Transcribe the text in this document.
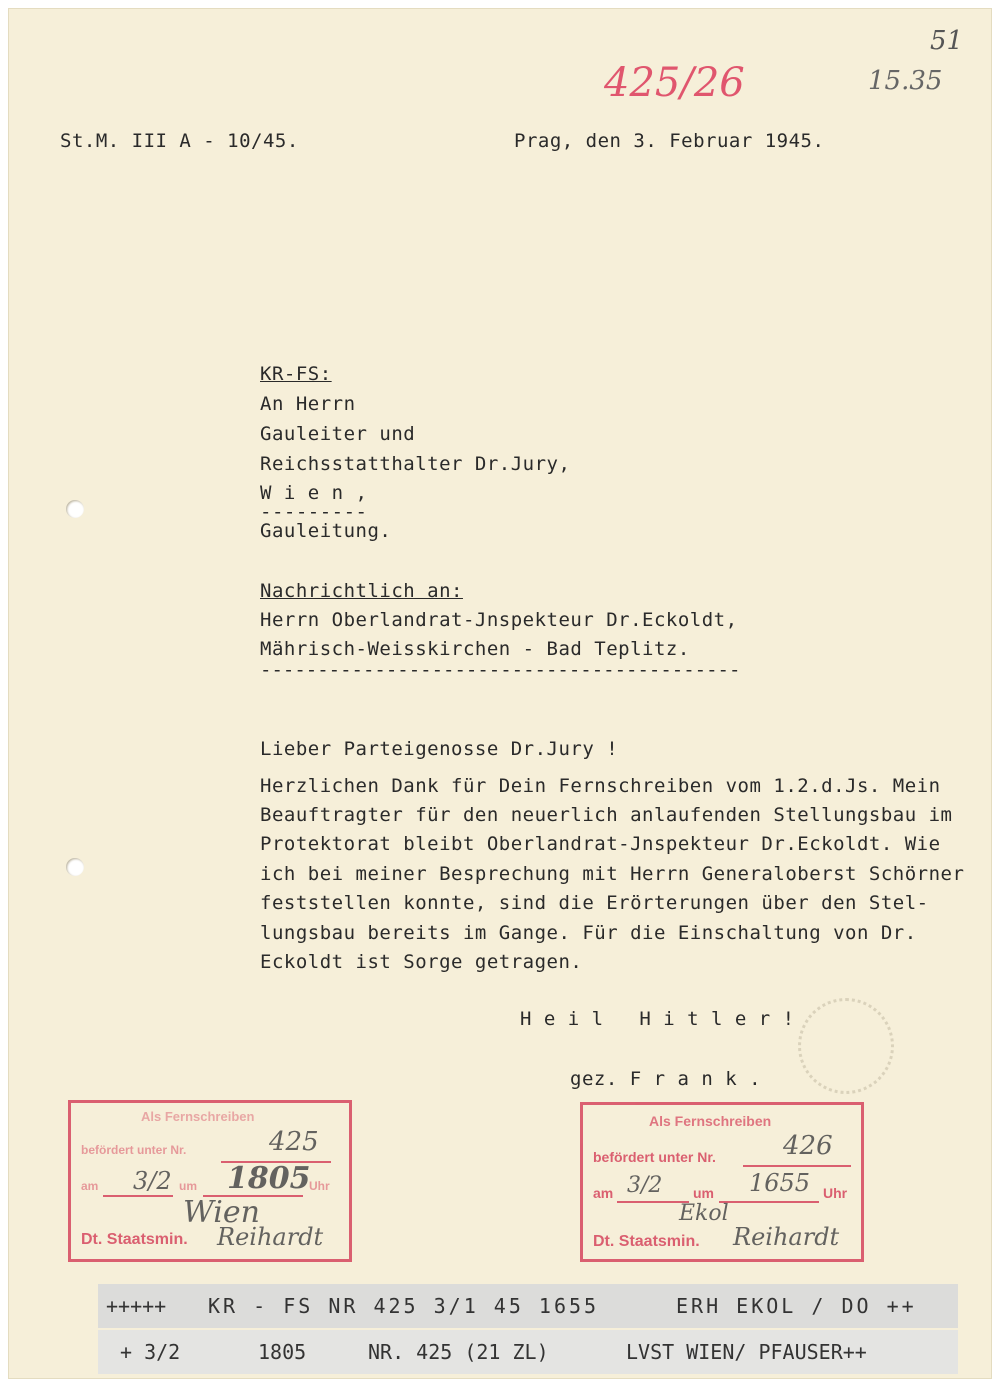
425/26
51
15.35
St.M. III A - 10/45.	Prag, den 3. Februar 1945.
KR-FS:
An Herrn
Gauleiter und
Reichsstatthalter Dr.Jury,
W i e n ,
---------
Gauleitung.
Nachrichtlich an:
Herrn Oberlandrat-Jnspekteur Dr.Eckoldt,
Mährisch-Weisskirchen - Bad Teplitz.
------------------------------------------
Lieber Parteigenosse Dr.Jury !
Herzlichen Dank für Dein Fernschreiben vom 1.2.d.Js. Mein
Beauftragter für den neuerlich anlaufenden Stellungsbau im
Protektorat bleibt Oberlandrat-Jnspekteur Dr.Eckoldt. Wie
ich bei meiner Besprechung mit Herrn Generaloberst Schörner
feststellen konnte, sind die Erörterungen über den Stel-
lungsbau bereits im Gange. Für die Einschaltung von Dr.
Eckoldt ist Sorge getragen.
H e i l   H i t l e r !
gez. F r a n k .
Als Fernschreiben
befördert unter Nr.
am	um	Uhr
Dt. Staatsmin.
425
3/2 1805
Wien
Reihardt
Als Fernschreiben
befördert unter Nr.
am	um	Uhr
Dt. Staatsmin.
426
3/2	1655
Ekol
Reihardt
+++++ KR - FS NR 425 3/1 45 1655	ERH EKOL / DO ++
+ 3/2	1805	NR. 425 (21 ZL)	LVST WIEN/ PFAUSER++
